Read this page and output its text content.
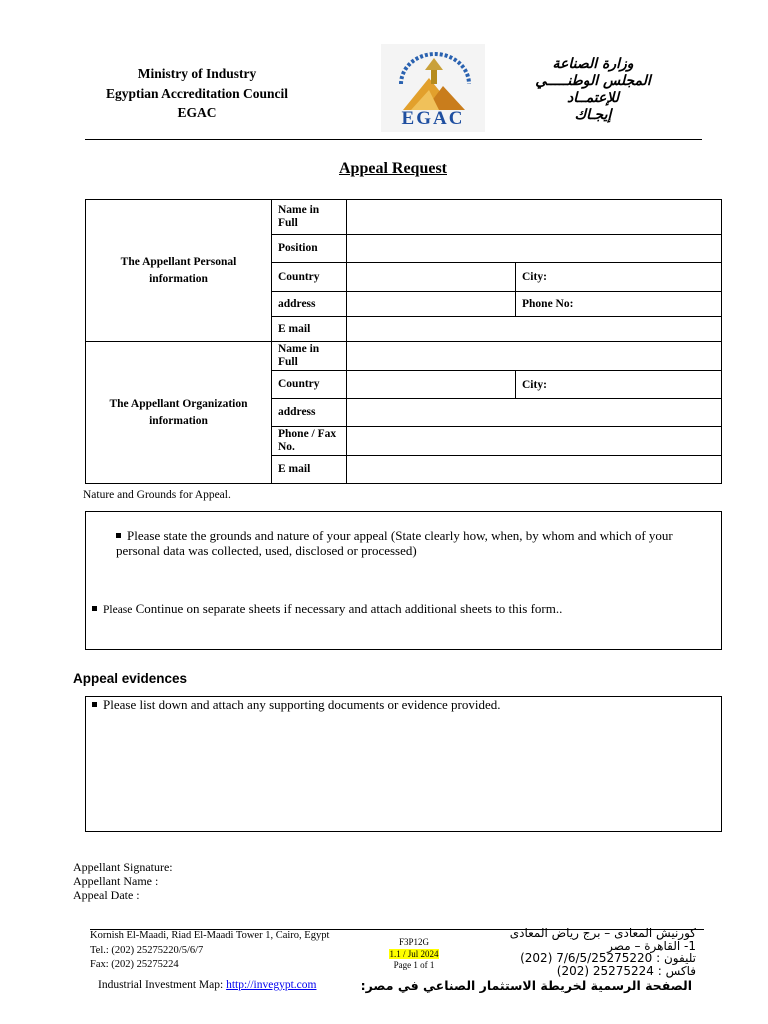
Ministry of Industry
Egyptian Accreditation Council
EGAC	EGAC
وزارة الصناعة
المجلس الوطنـــــي
للإعتمــاد
إيجـاك
Appeal Request
The Appellant Personal information	Name in Full		
	Position		
	Country		City:
	address		Phone No:
	E mail		
The Appellant Organization information	Name in Full		
	Country		City:
	address		
	Phone / Fax No.		
	E mail		
Nature and Grounds for Appeal.
Please state the grounds and nature of your appeal (State clearly how, when, by whom and which of your personal data was collected, used, disclosed or processed)
Please Continue on separate sheets if necessary and attach additional sheets to this form..
Appeal evidences
Please list down and attach any supporting documents or evidence provided.
Appellant Signature:
Appellant Name :
Appeal Date :
Kornish El-Maadi, Riad El-Maadi Tower 1, Cairo, Egypt
Tel.: (202) 25275220/5/6/7
Fax: (202) 25275224
F3P12G
1.1 / Jul 2024
Page 1 of 1
كورنيش المعادى – برج رياض المعادى
1- القاهرة – مصر
تليفون : 7/6/5/25275220 (202)
فاكس : 25275224 (202)
Industrial Investment Map: http://invegypt.com	الصفحة الرسمية لخريطة الاستثمار الصناعي في مصر:
